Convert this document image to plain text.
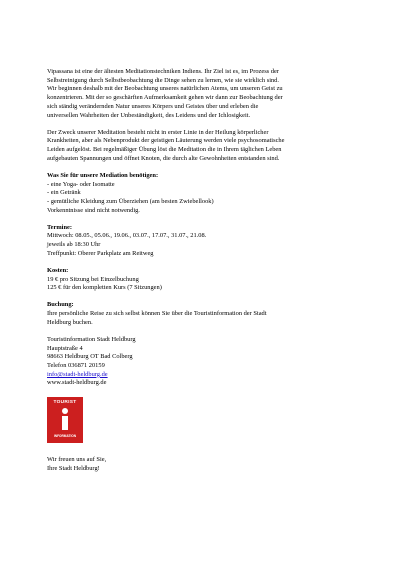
Vipassana ist eine der ältesten Meditationstechniken Indiens. Ihr Ziel ist es, im Prozess der
Selbstreinigung durch Selbstbeobachtung die Dinge sehen zu lernen, wie sie wirklich sind.
Wir beginnen deshalb mit der Beobachtung unseres natürlichen Atems, um unseren Geist zu
konzentrieren. Mit der so geschärften Aufmerksamkeit gehen wir dann zur Beobachtung der
sich ständig verändernden Natur unseres Körpers und Geistes über und erleben die
universellen Wahrheiten der Unbeständigkeit, des Leidens und der Ichlosigkeit.

Der Zweck unserer Meditation besteht nicht in erster Linie in der Heilung körperlicher
Krankheiten, aber als Nebenprodukt der geistigen Läuterung werden viele psychosomatische
Leiden aufgelöst. Bei regelmäßiger Übung löst die Meditation die in Ihrem täglichen Leben
aufgebauten Spannungen und öffnet Knoten, die durch alte Gewohnheiten entstanden sind.

Was Sie für unsere Mediation benötigen:
- eine Yoga- oder Isomatte
- ein Getränk
- gemütliche Kleidung zum Überziehen (am besten Zwiebellook)
Vorkenntnisse sind nicht notwendig.
Termine:
Mittwoch: 08.05., 05.06., 19.06., 03.07., 17.07., 31.07., 21.08.
jeweils ab 18:30 Uhr
Treffpunkt: Oberer Parkplatz am Reitweg
Kosten:
19 € pro Sitzung bei Einzelbuchung
125 € für den kompletten Kurs (7 Sitzungen)
Buchung:
Ihre persönliche Reise zu sich selbst können Sie über die Touristinformation der Stadt
Heldburg buchen.
Touristinformation Stadt Heldburg
Hauptstraße 4
98663 Heldburg OT Bad Colberg
Telefon 036871 20159
info@stadt-heldburg.de
www.stadt-heldburg.de
TOURIST
INFORMATION

Wir freuen uns auf Sie,
Ihre Stadt Heldburg!
